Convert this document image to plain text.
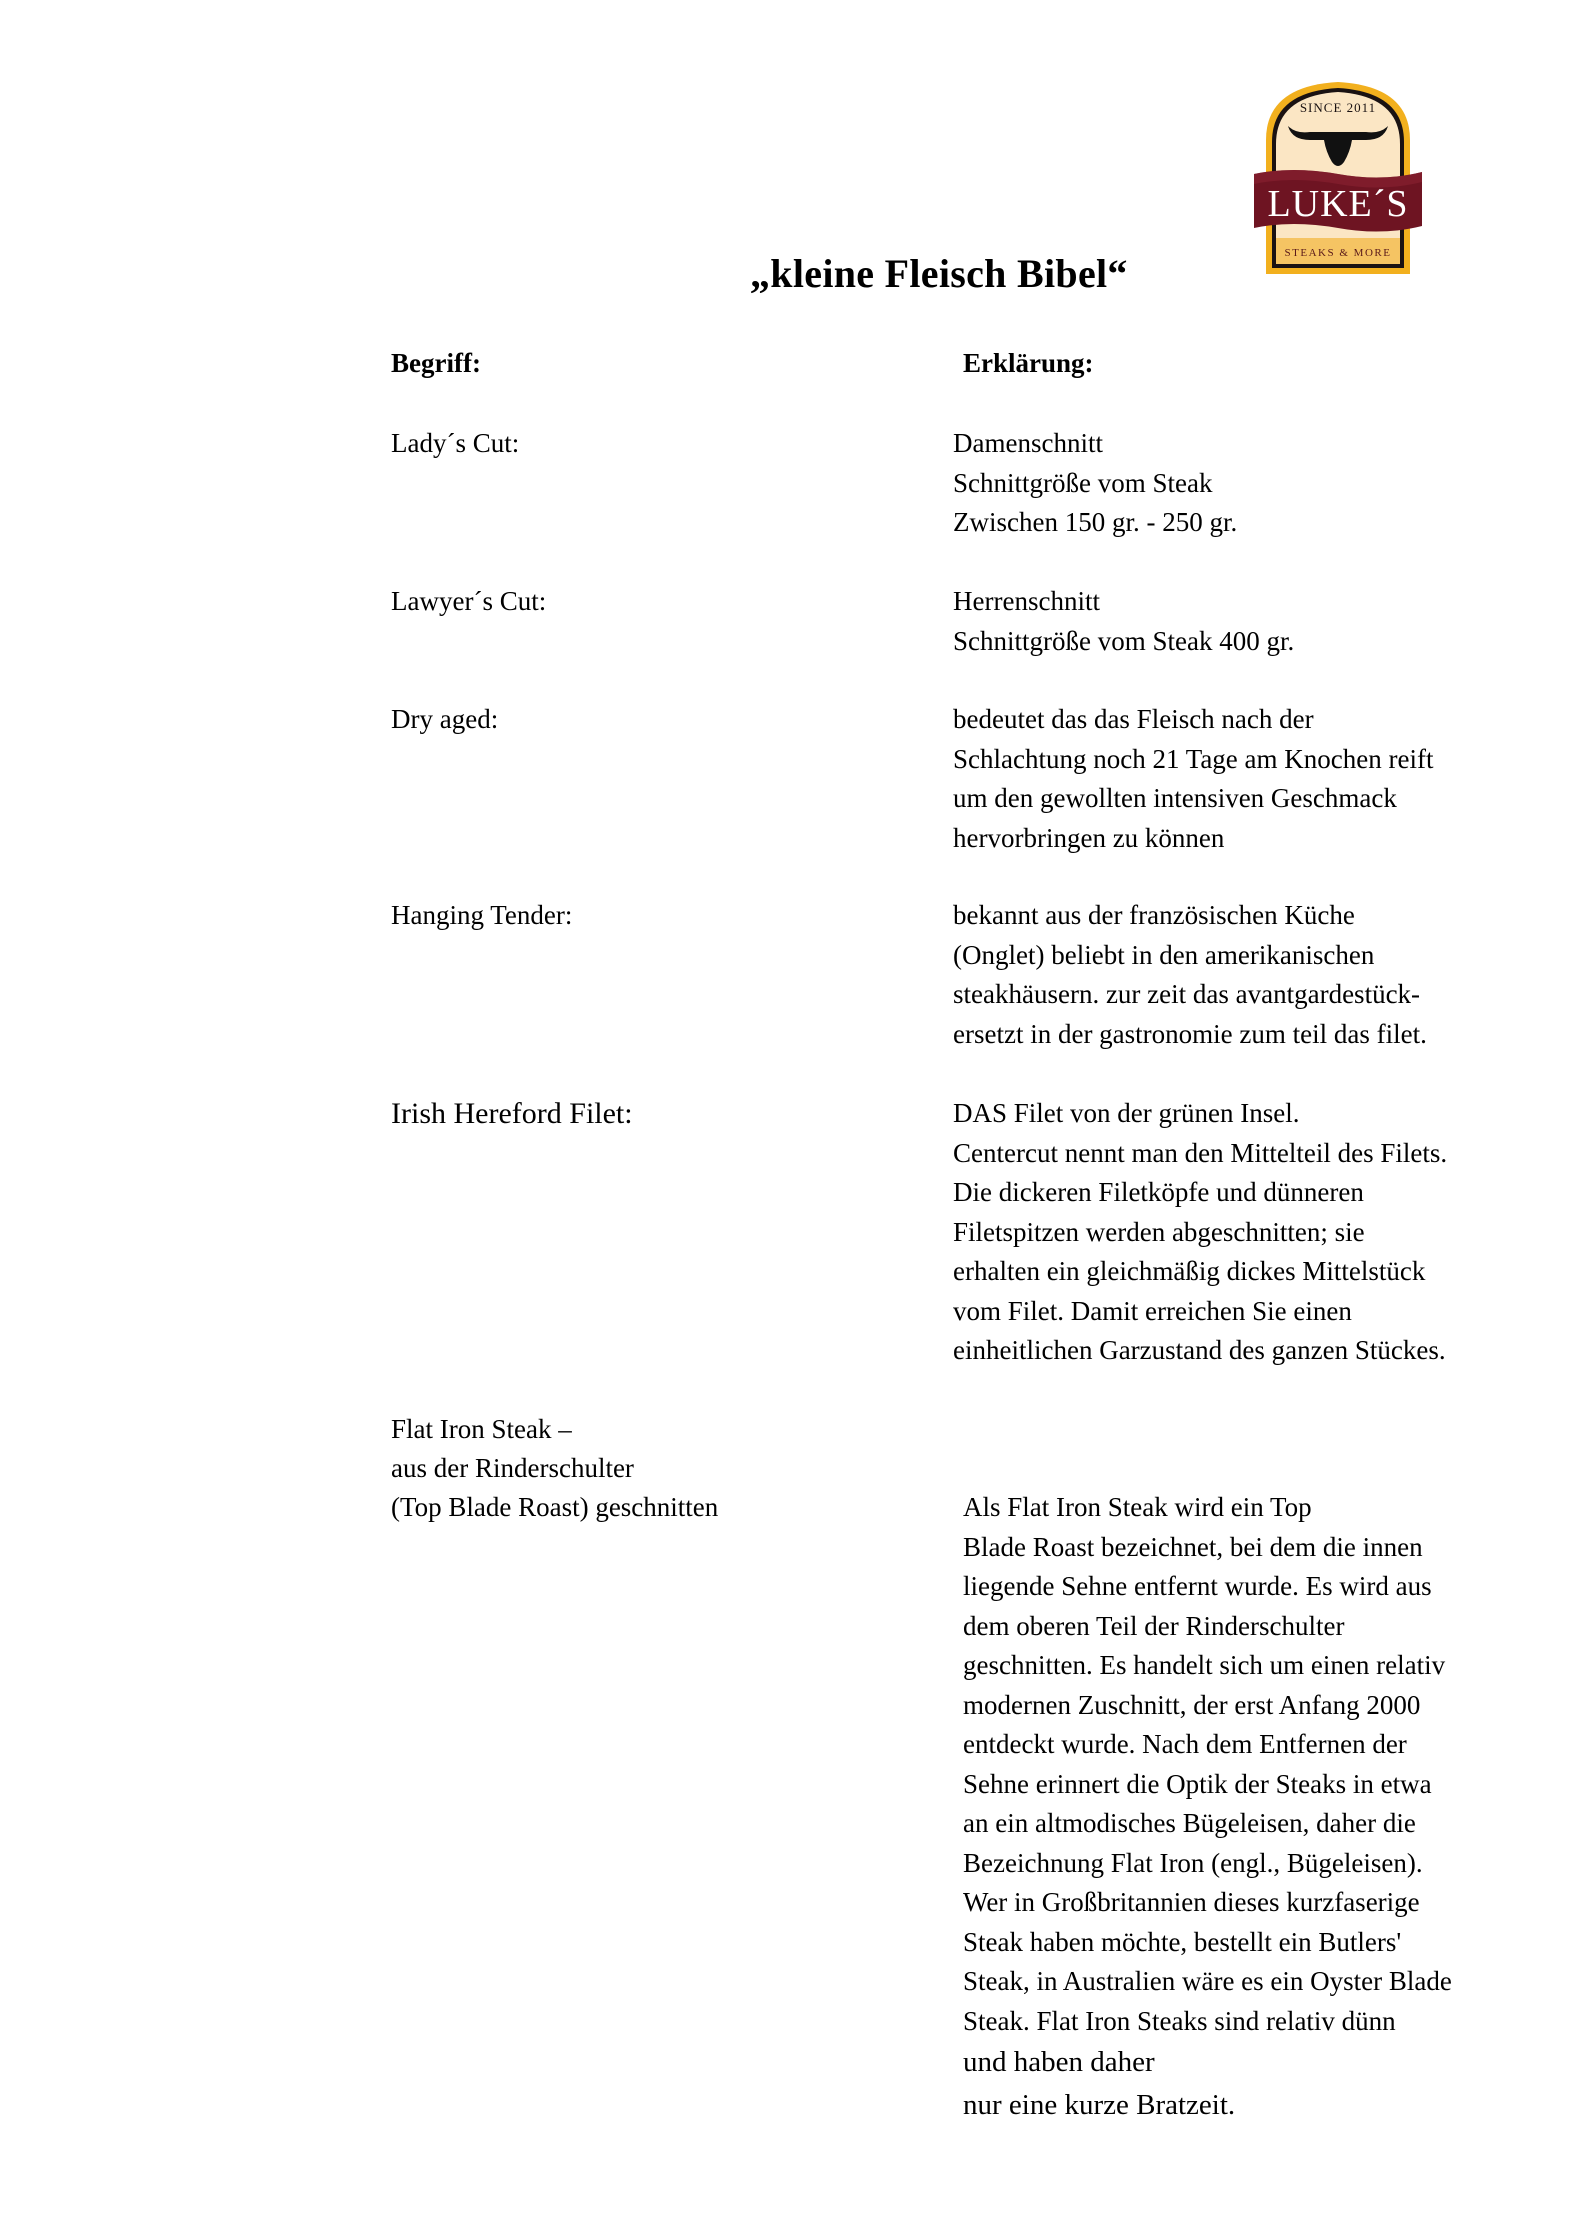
SINCE 2011
LUKE´S
STEAKS & MORE
„kleine Fleisch Bibel“
Begriff:	Erklärung:
Lady´s Cut:	Damenschnitt
Schnittgröße vom Steak
Zwischen 150 gr. - 250 gr.
Lawyer´s Cut:	Herrenschnitt
Schnittgröße vom Steak 400 gr.
Dry aged:	bedeutet das das Fleisch nach der
Schlachtung noch 21 Tage am Knochen reift
um den gewollten intensiven Geschmack
hervorbringen zu können
Hanging Tender:	bekannt aus der französischen Küche
(Onglet) beliebt in den amerikanischen
steakhäusern. zur zeit das avantgardestück-
ersetzt in der gastronomie zum teil das filet.
Irish Hereford Filet:	DAS Filet von der grünen Insel.
Centercut nennt man den Mittelteil des Filets.
Die dickeren Filetköpfe und dünneren
Filetspitzen werden abgeschnitten; sie
erhalten ein gleichmäßig dickes Mittelstück
vom Filet. Damit erreichen Sie einen
einheitlichen Garzustand des ganzen Stückes.
Flat Iron Steak –
aus der Rinderschulter
(Top Blade Roast) geschnitten	Als Flat Iron Steak wird ein Top
Blade Roast bezeichnet, bei dem die innen
liegende Sehne entfernt wurde. Es wird aus
dem oberen Teil der Rinderschulter
geschnitten. Es handelt sich um einen relativ
modernen Zuschnitt, der erst Anfang 2000
entdeckt wurde. Nach dem Entfernen der
Sehne erinnert die Optik der Steaks in etwa
an ein altmodisches Bügeleisen, daher die
Bezeichnung Flat Iron (engl., Bügeleisen).
Wer in Großbritannien dieses kurzfaserige
Steak haben möchte, bestellt ein Butlers'
Steak, in Australien wäre es ein Oyster Blade
Steak. Flat Iron Steaks sind relativ dünn
und haben daher
nur eine kurze Bratzeit.
